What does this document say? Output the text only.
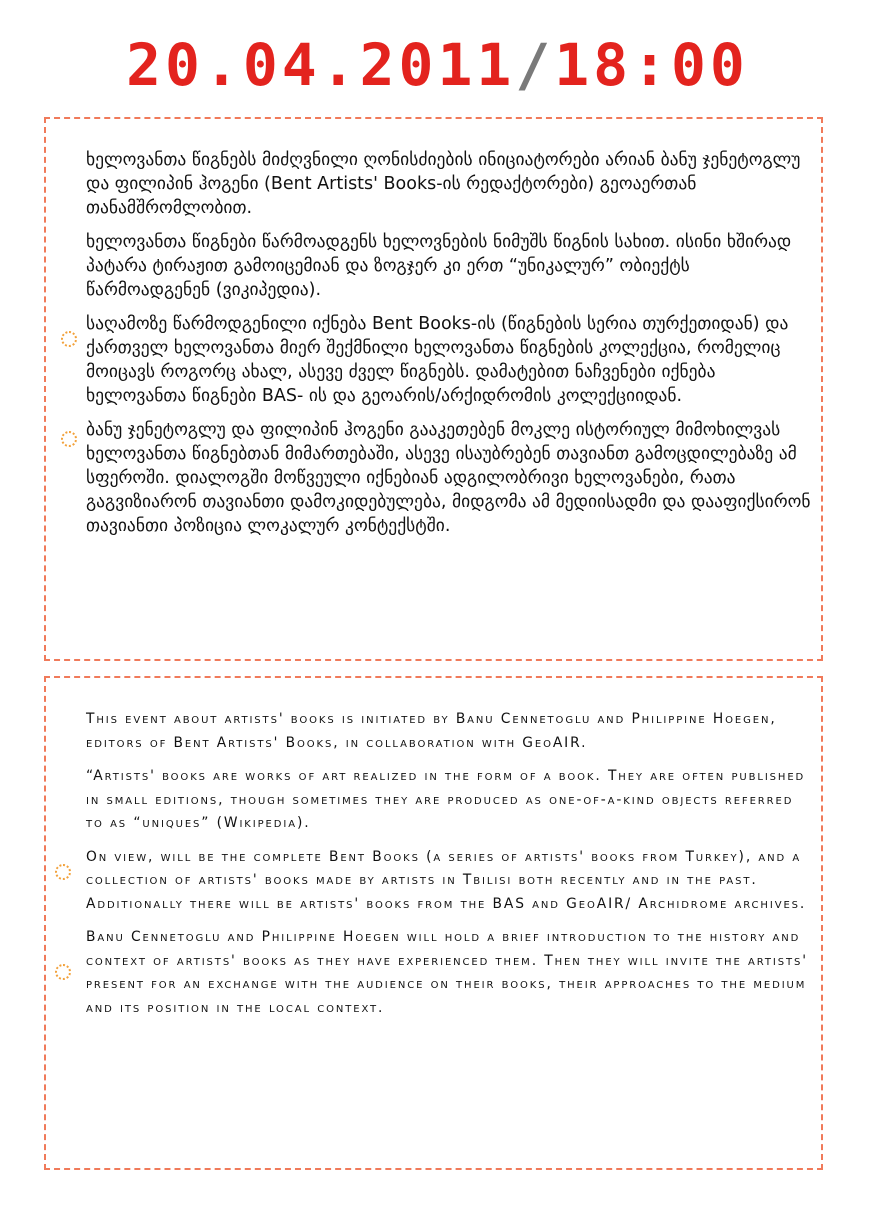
20.04.2011/18:00

ხელოვანთა წიგნებს მიძღვნილი ღონისძიების ინიციატორები არიან ბანუ ჯენეტოგლუ და ფილიპინ ჰოგენი (Bent Artists' Books-ის რედაქტორები) გეოაერთან თანამშრომლობით.

ხელოვანთა წიგნები წარმოადგენს ხელოვნების ნიმუშს წიგნის სახით. ისინი ხშირად პატარა ტირაჟით გამოიცემიან და ზოგჯერ კი ერთ “უნიკალურ” ობიექტს წარმოადგენენ (ვიკიპედია).

საღამოზე წარმოდგენილი იქნება Bent Books-ის (წიგნების სერია თურქეთიდან) და ქართველ ხელოვანთა მიერ შექმნილი ხელოვანთა წიგნების კოლექცია, რომელიც მოიცავს როგორც ახალ, ასევე ძველ წიგნებს. დამატებით ნაჩვენები იქნება ხელოვანთა წიგნები BAS- ის და გეოარის/არქიდრომის კოლექციიდან.

ბანუ ჯენეტოგლუ და ფილიპინ ჰოგენი გააკეთებენ მოკლე ისტორიულ მიმოხილვას ხელოვანთა წიგნებთან მიმართებაში, ასევე ისაუბრებენ თავიანთ გამოცდილებაზე ამ სფეროში. დიალოგში მოწვეული იქნებიან ადგილობრივი ხელოვანები, რათა გაგვიზიარონ თავიანთი დამოკიდებულება, მიდგომა ამ მედიისადმი და დააფიქსირონ თავიანთი პოზიცია ლოკალურ კონტექსტში.

This event about artists' books is initiated by Banu Cennetoglu and Philippine Hoegen, editors of Bent Artists' Books, in collaboration with GeoAIR.

“Artists' books are works of art realized in the form of a book. They are often published in small editions, though sometimes they are produced as one-of-a-kind objects referred to as “uniques” (Wikipedia).

On view, will be the complete Bent Books (a series of artists' books from Turkey), and a collection of artists' books made by artists in Tbilisi both recently and in the past. Additionally there will be artists' books from the BAS and GeoAIR/ Archidrome archives.

Banu Cennetoglu and Philippine Hoegen will hold a brief introduction to the history and context of artists' books as they have experienced them. Then they will invite the artists' present for an exchange with the audience on their books, their approaches to the medium and its position in the local context.
